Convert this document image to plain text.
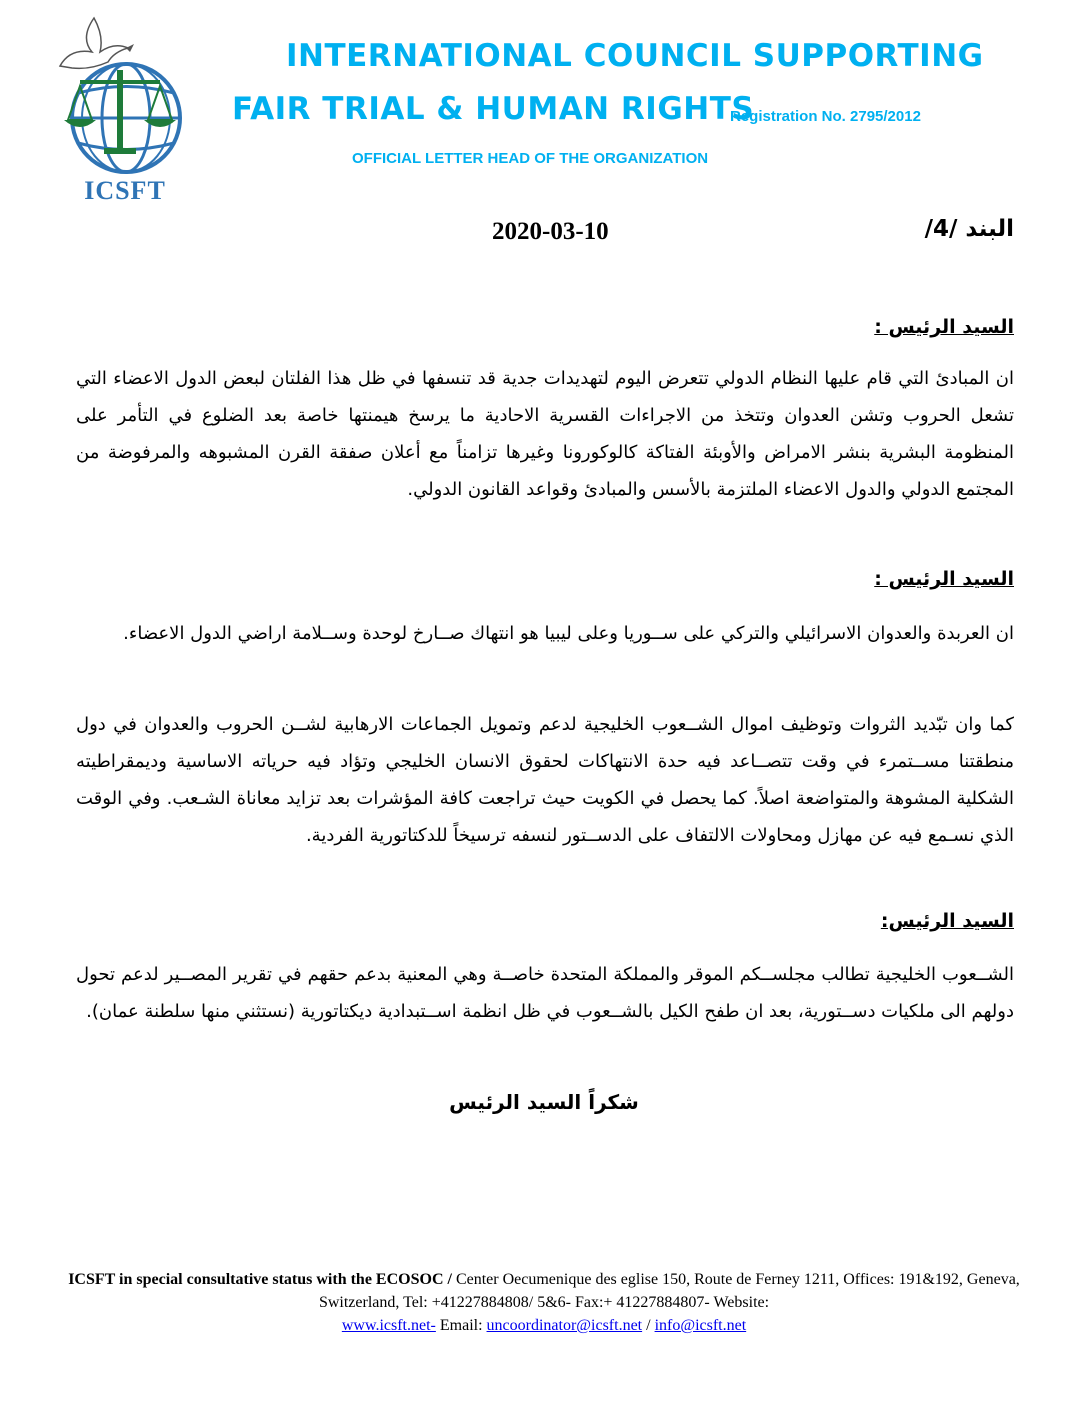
ICSFT
INTERNATIONAL COUNCIL SUPPORTING
FAIR TRIAL & HUMAN RIGHTS
Registration No. 2795/2012
OFFICIAL LETTER HEAD OF THE ORGANIZATION
2020-03-10	البند /4/
السيد الرئيس :
ان المبادئ التي قام عليها النظام الدولي تتعرض اليوم لتهديدات جدية قد تنسفها في ظل هذا الفلتان لبعض الدول الاعضاء التي تشعل الحروب وتشن العدوان وتتخذ من الاجراءات القسرية الاحادية ما يرسخ هيمنتها خاصة بعد الضلوع في التأمر على المنظومة البشرية بنشر الامراض والأوبئة الفتاكة كالوكورونا وغيرها تزامناً مع أعلان صفقة القرن المشبوهه والمرفوضة من المجتمع الدولي والدول الاعضاء الملتزمة بالأسس والمبادئ وقواعد القانون الدولي.
السيد الرئيس :
ان العربدة والعدوان الاسرائيلي والتركي على ســوريا وعلى ليبيا هو انتهاك صــارخ لوحدة وســلامة اراضي الدول الاعضاء.
كما وان تبّديد الثروات وتوظيف اموال الشــعوب الخليجية لدعم وتمويل الجماعات الارهابية لشــن الحروب والعدوان في دول منطقتنا مســتمرء في وقت تتصــاعد فيه حدة الانتهاكات لحقوق الانسان الخليجي وتؤاد فيه حرياته الاساسية وديمقراطيته الشكلية المشوهة والمتواضعة اصلاً. كما يحصل في الكويت حيث تراجعت كافة المؤشرات بعد تزايد معاناة الشـعب. وفي الوقت الذي نسـمع فيه عن مهازل ومحاولات الالتفاف على الدســتور لنسفه ترسيخاً للدكتاتورية الفردية.
السيد الرئيس:
الشــعوب الخليجية تطالب مجلســكم الموقر والمملكة المتحدة خاصــة وهي المعنية بدعم حقهم في تقرير المصــير لدعم تحول دولهم الى ملكيات دســتورية، بعد ان طفح الكيل بالشــعوب في ظل انظمة اســتبدادية ديكتاتورية (نستثني منها سلطنة عمان).
شكراً السيد الرئيس
ICSFT in special consultative status with the ECOSOC / Center Oecumenique des eglise 150, Route de Ferney 1211, Offices: 191&192, Geneva, Switzerland, Tel: +41227884808/ 5&6- Fax:+ 41227884807- Website:
www.icsft.net- Email: uncoordinator@icsft.net / info@icsft.net
